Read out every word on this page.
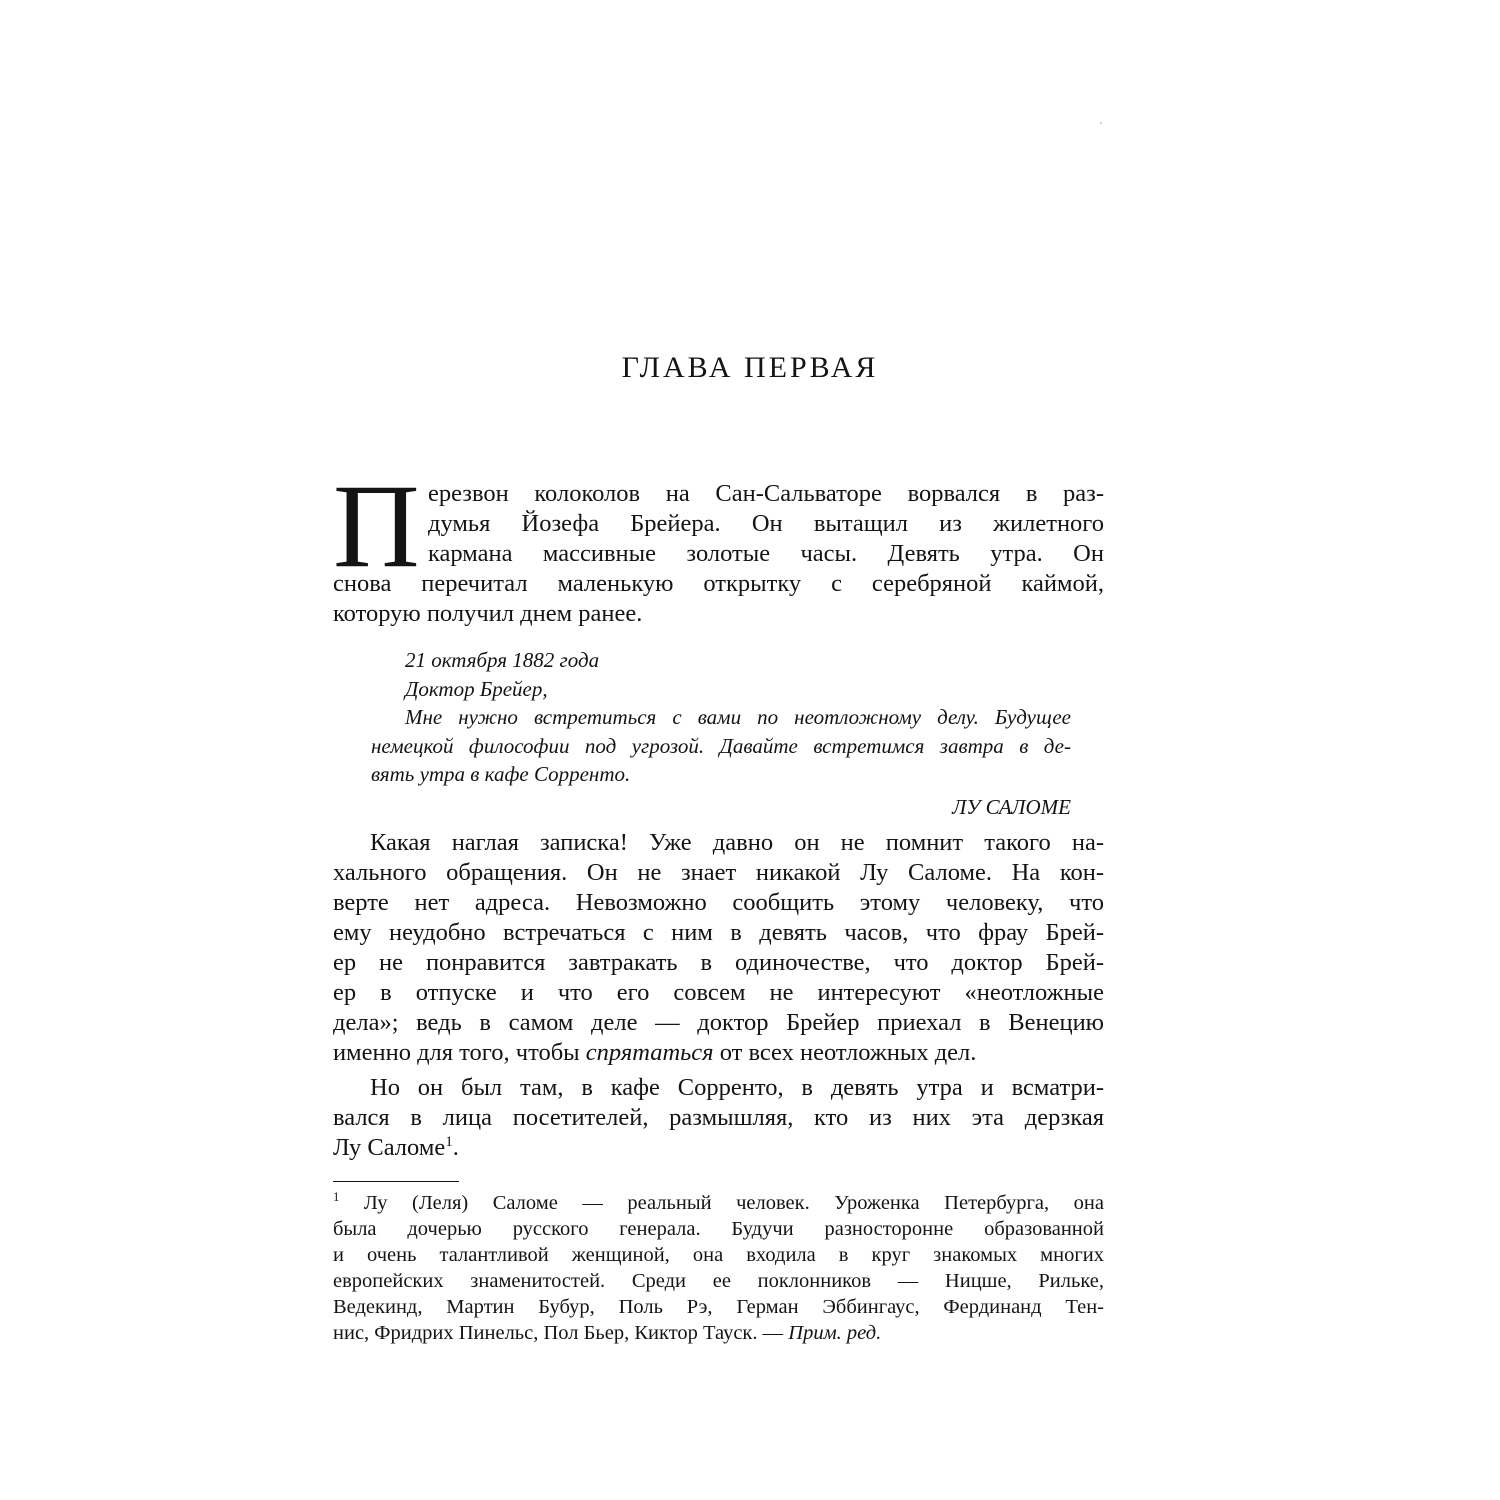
ГЛАВА ПЕРВАЯ
П ерезвон колоколов на Сан-Сальваторе ворвался в раз-
думья Йозефа Брейера. Он вытащил из жилетного
кармана массивные золотые часы. Девять утра. Он
снова перечитал маленькую открытку с серебряной каймой,
которую получил днем ранее.
21 октября 1882 года
Доктор Брейер,
Мне нужно встретиться с вами по неотложному делу. Будущее
немецкой философии под угрозой. Давайте встретимся завтра в де-
вять утра в кафе Сорренто.
ЛУ САЛОМЕ
Какая наглая записка! Уже давно он не помнит такого на-
хального обращения. Он не знает никакой Лу Саломе. На кон-
верте нет адреса. Невозможно сообщить этому человеку, что
ему неудобно встречаться с ним в девять часов, что фрау Брей-
ер не понравится завтракать в одиночестве, что доктор Брей-
ер в отпуске и что его совсем не интересуют «неотложные
дела»; ведь в самом деле — доктор Брейер приехал в Венецию
именно для того, чтобы спрятаться от всех неотложных дел.
Но он был там, в кафе Сорренто, в девять утра и всматри-
вался в лица посетителей, размышляя, кто из них эта дерзкая
Лу Саломе$^1$.
$^1$ Лу (Леля) Саломе — реальный человек. Уроженка Петербурга, она
была дочерью русского генерала. Будучи разносторонне образованной
и очень талантливой женщиной, она входила в круг знакомых многих
европейских знаменитостей. Среди ее поклонников — Ницше, Рильке,
Ведекинд, Мартин Бубур, Поль Рэ, Герман Эббингаус, Фердинанд Тен-
нис, Фридрих Пинельс, Пол Бьер, Киктор Тауск. — Прим. ред.
